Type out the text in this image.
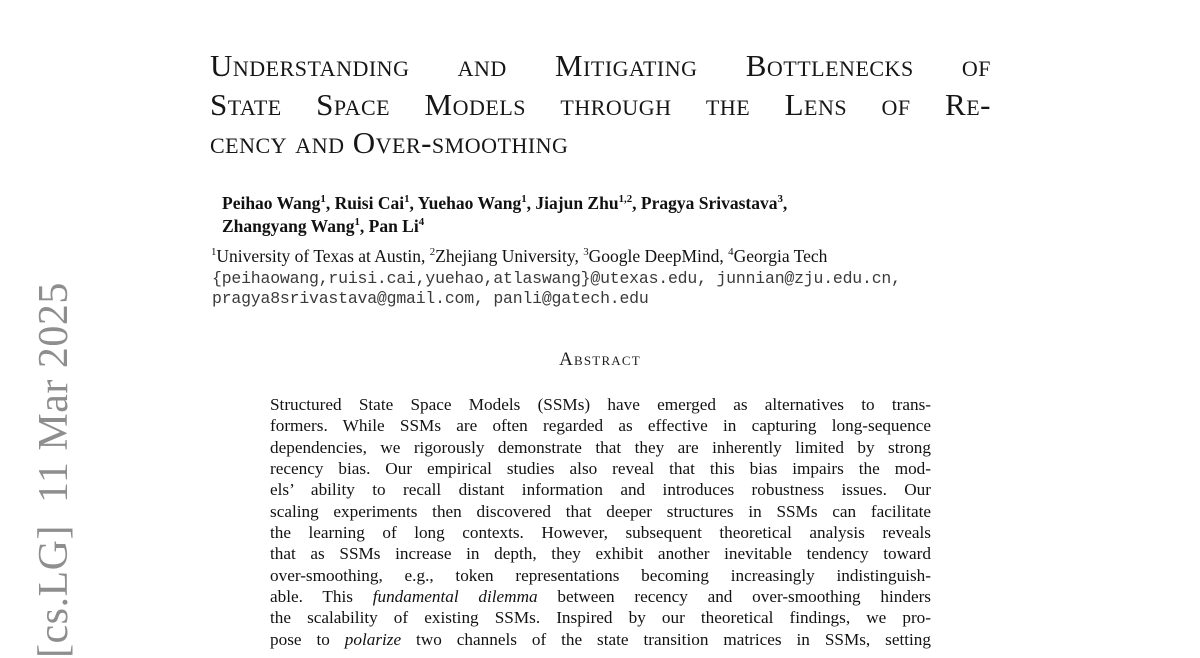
[cs.LG]  11 Mar 2025
Understanding and Mitigating Bottlenecks of
State Space Models through the Lens of Re-
cency and Over-smoothing
Peihao Wang$^1$, Ruisi Cai$^1$, Yuehao Wang$^1$, Jiajun Zhu$^{1,2}$, Pragya Srivastava$^3$,
Zhangyang Wang$^1$, Pan Li$^4$
$^1$University of Texas at Austin, $^2$Zhejiang University, $^3$Google DeepMind, $^4$Georgia Tech
{peihaowang,ruisi.cai,yuehao,atlaswang}@utexas.edu, junnian@zju.edu.cn,
pragya8srivastava@gmail.com, panli@gatech.edu
Abstract
Structured State Space Models (SSMs) have emerged as alternatives to trans-
formers. While SSMs are often regarded as effective in capturing long-sequence
dependencies, we rigorously demonstrate that they are inherently limited by strong
recency bias. Our empirical studies also reveal that this bias impairs the mod-
els’ ability to recall distant information and introduces robustness issues. Our
scaling experiments then discovered that deeper structures in SSMs can facilitate
the learning of long contexts. However, subsequent theoretical analysis reveals
that as SSMs increase in depth, they exhibit another inevitable tendency toward
over-smoothing, e.g., token representations becoming increasingly indistinguish-
able. This fundamental dilemma between recency and over-smoothing hinders
the scalability of existing SSMs. Inspired by our theoretical findings, we pro-
pose to polarize two channels of the state transition matrices in SSMs, setting
